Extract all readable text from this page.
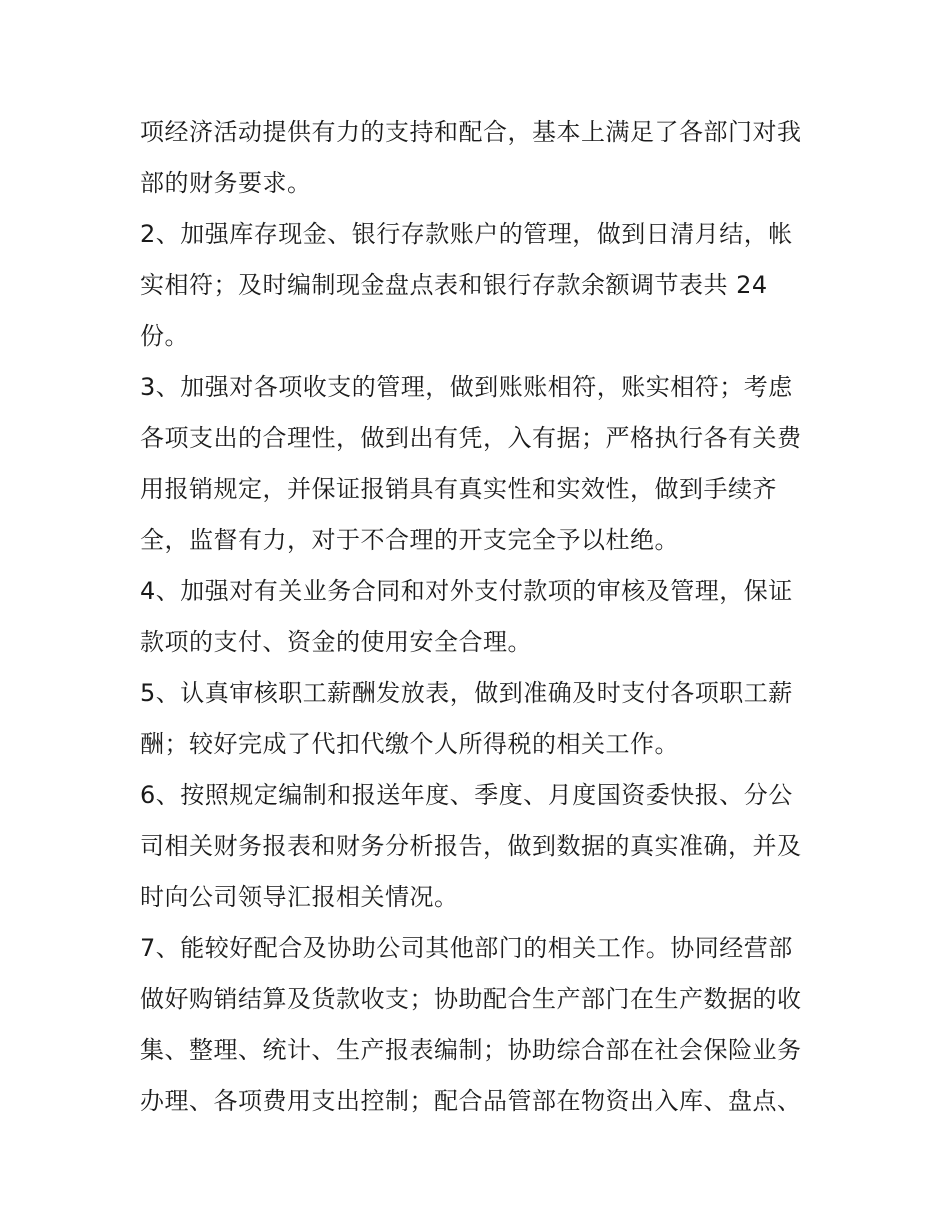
项经济活动提供有力的支持和配合，基本上满足了各部门对我
部的财务要求。
2、加强库存现金、银行存款账户的管理，做到日清月结，帐
实相符；及时编制现金盘点表和银行存款余额调节表共 24
份。
3、加强对各项收支的管理，做到账账相符，账实相符；考虑
各项支出的合理性，做到出有凭，入有据；严格执行各有关费
用报销规定，并保证报销具有真实性和实效性，做到手续齐
全，监督有力，对于不合理的开支完全予以杜绝。
4、加强对有关业务合同和对外支付款项的审核及管理，保证
款项的支付、资金的使用安全合理。
5、认真审核职工薪酬发放表，做到准确及时支付各项职工薪
酬；较好完成了代扣代缴个人所得税的相关工作。
6、按照规定编制和报送年度、季度、月度国资委快报、分公
司相关财务报表和财务分析报告，做到数据的真实准确，并及
时向公司领导汇报相关情况。
7、能较好配合及协助公司其他部门的相关工作。协同经营部
做好购销结算及货款收支；协助配合生产部门在生产数据的收
集、整理、统计、生产报表编制；协助综合部在社会保险业务
办理、各项费用支出控制；配合品管部在物资出入库、盘点、
